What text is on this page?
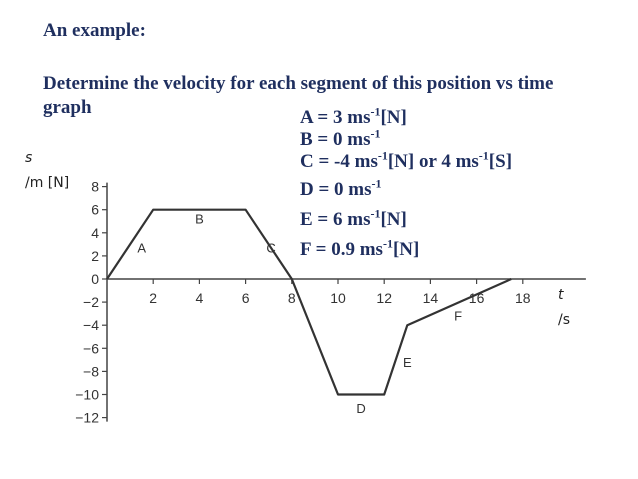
An example:
Determine the velocity for each segment of this position vs time graph	A = 3 $ms^{-1}[N]$
B = 0 $ms^{-1}$
C = -4 $ms^{-1}[N]$ or 4 $ms^{-1}[S]$
D = 0 $ms^{-1}$
E = 6 $ms^{-1}[N]$
F = 0.9 $ms^{-1}[N]$
s
/m [N]
t
/s
8
6
4
2
0
−2
−4
−6
−8
−10
−12
2	4	6	8 10 12 14 16 18
A
B
C
D
E
F
